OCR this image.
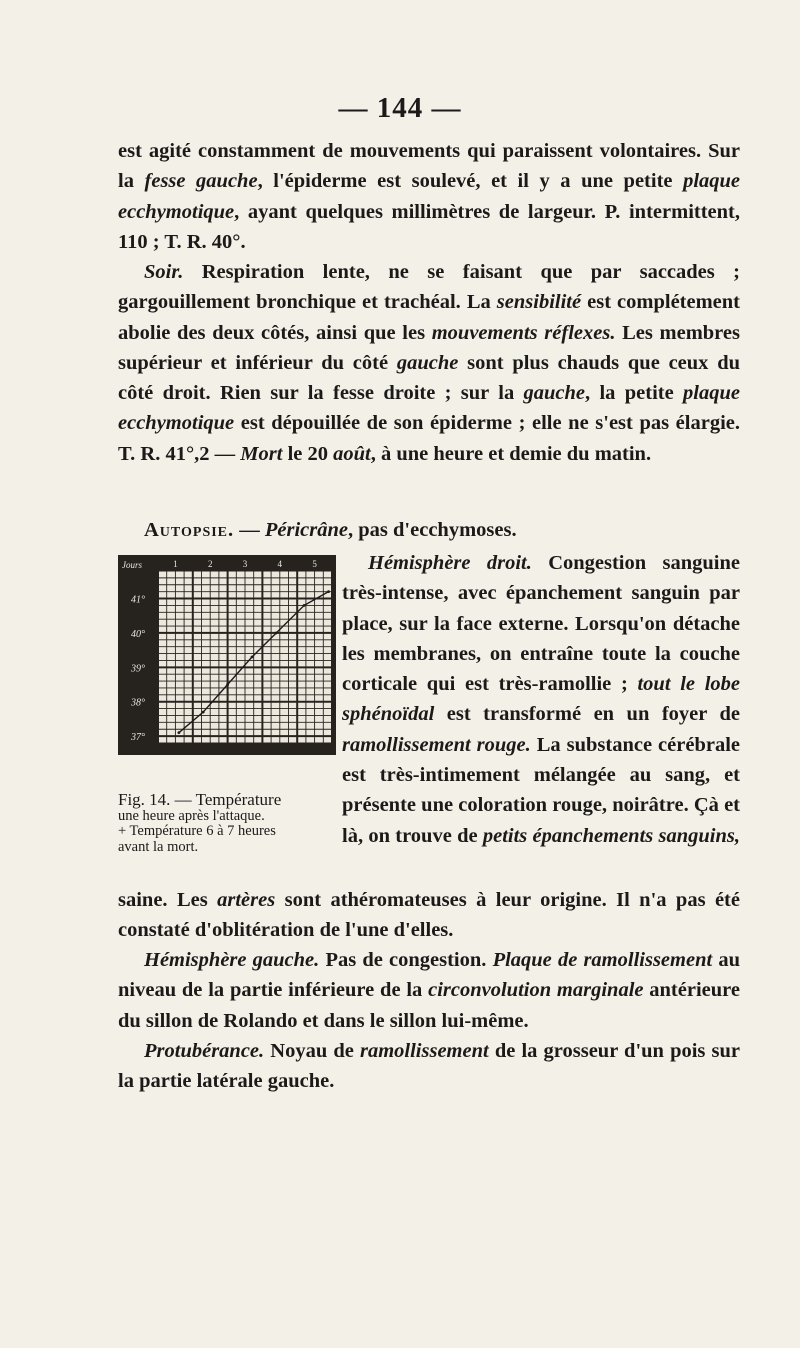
— 144 —

est agité constamment de mouvements qui paraissent volontaires. Sur la fesse gauche, l'épiderme est soulevé, et il y a une petite plaque ecchymotique, ayant quelques millimètres de largeur. P. intermittent, 110 ; T. R. 40°.

Soir. Respiration lente, ne se faisant que par saccades ; gargouillement bronchique et trachéal. La sensibilité est complétement abolie des deux côtés, ainsi que les mouvements réflexes. Les membres supérieur et inférieur du côté gauche sont plus chauds que ceux du côté droit. Rien sur la fesse droite ; sur la gauche, la petite plaque ecchymotique est dépouillée de son épiderme ; elle ne s'est pas élargie. T. R. 41°,2 — Mort le 20 août, à une heure et demie du matin.

Autopsie. — Péricrâne, pas d'ecchymoses.

Jours	1	2	3	4	5
41°
40°
39°
38°
37°
Fig. 14. — Température
une heure après l'attaque.
+ Température 6 à 7 heures
avant la mort.

Hémisphère droit. Congestion sanguine très-intense, avec épanchement sanguin par place, sur la face externe. Lorsqu'on détache les membranes, on entraîne toute la couche corticale qui est très-ramollie ; tout le lobe sphénoïdal est transformé en un foyer de ramollissement rouge. La substance cérébrale est très-intimement mélangée au sang, et présente une coloration rouge, noirâtre. Çà et là, on trouve de petits épanchements sanguins,

saine. Les artères sont athéromateuses à leur origine. Il n'a pas été constaté d'oblitération de l'une d'elles.

Hémisphère gauche. Pas de congestion. Plaque de ramollissement au niveau de la partie inférieure de la circonvolution marginale antérieure du sillon de Rolando et dans le sillon lui-même.

Protubérance. Noyau de ramollissement de la grosseur d'un pois sur la partie latérale gauche.
